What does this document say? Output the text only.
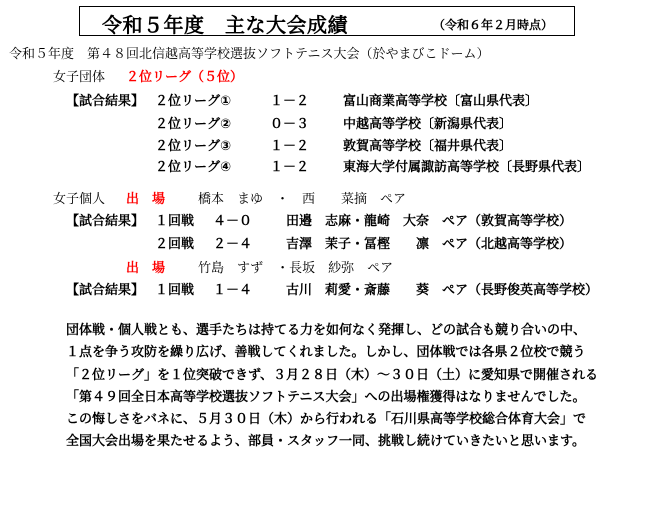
令和５年度　主な大会成績	（令和６年２月時点）
令和５年度　第４８回北信越高等学校選抜ソフトテニス大会（於やまびこドーム）
女子団体 ２位リーグ（５位）
【試合結果】 ２位リーグ①	１－２	富山商業高等学校〔富山県代表〕
２位リーグ②	０－３	中越高等学校〔新潟県代表〕
２位リーグ③	１－２	敦賀高等学校〔福井県代表〕
２位リーグ④	１－２	東海大学付属諏訪高等学校〔長野県代表〕
女子個人 出　場	橋本　まゆ　・　西　　菜摘　ペア
【試合結果】 １回戦 ４－０	田邉　志麻・龍崎　大奈　ペア（敦賀高等学校）
２回戦 ２－４	吉澤　茉子・冨樫　　凛　ペア（北越高等学校）
出　場	竹島　すず　・長坂　紗弥　ペア
【試合結果】 １回戦 １－４	古川　莉愛・斎藤　　葵　ペア（長野俊英高等学校）
団体戦・個人戦とも、選手たちは持てる力を如何なく発揮し、どの試合も競り合いの中、
１点を争う攻防を繰り広げ、善戦してくれました。しかし、団体戦では各県２位校で競う
「２位リーグ」を１位突破できず、３月２８日（木）～３０日（土）に愛知県で開催される
「第４９回全日本高等学校選抜ソフトテニス大会」への出場権獲得はなりませんでした。
この悔しさをバネに、５月３０日（木）から行われる「石川県高等学校総合体育大会」で
全国大会出場を果たせるよう、部員・スタッフ一同、挑戦し続けていきたいと思います。
